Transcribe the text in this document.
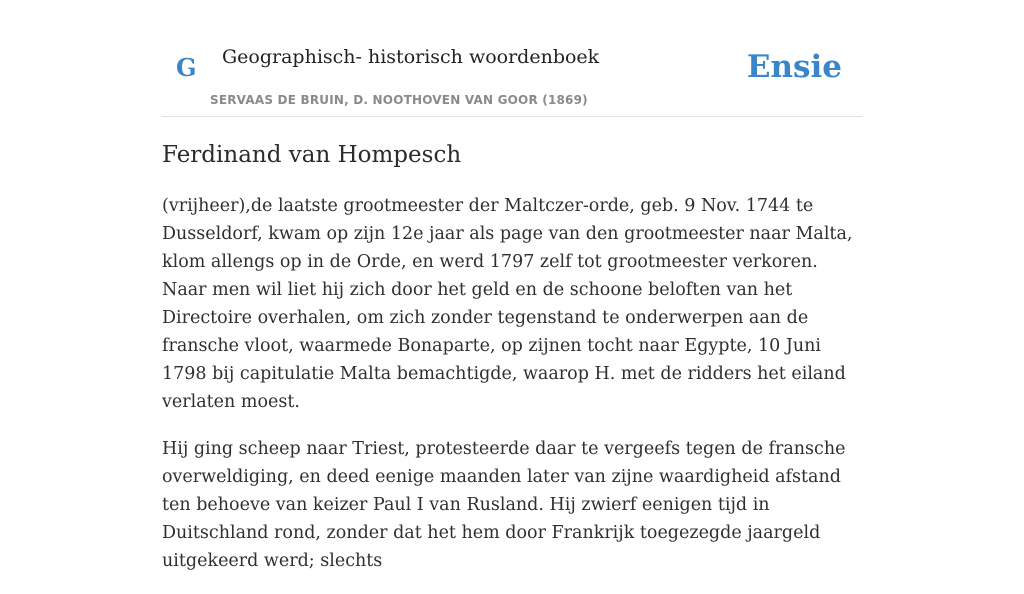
G Geographisch- historisch woordenboek
SERVAAS DE BRUIN, D. NOOTHOVEN VAN GOOR (1869)
Ensie
Ferdinand van Hompesch

(vrijheer),de laatste grootmeester der Maltczer-orde, geb. 9 Nov. 1744 te Dusseldorf, kwam op zijn 12e jaar als page van den grootmeester naar Malta, klom allengs op in de Orde, en werd 1797 zelf tot grootmeester verkoren. Naar men wil liet hij zich door het geld en de schoone beloften van het Directoire overhalen, om zich zonder tegenstand te onderwerpen aan de fransche vloot, waarmede Bonaparte, op zijnen tocht naar Egypte, 10 Juni 1798 bij capitulatie Malta bemachtigde, waarop H. met de ridders het eiland verlaten moest.

Hij ging scheep naar Triest, protesteerde daar te vergeefs tegen de fransche overweldiging, en deed eenige maanden later van zijne waardigheid afstand ten behoeve van keizer Paul I van Rusland. Hij zwierf eenigen tijd in Duitschland rond, zonder dat het hem door Frankrijk toegezegde jaargeld uitgekeerd werd; slechts
